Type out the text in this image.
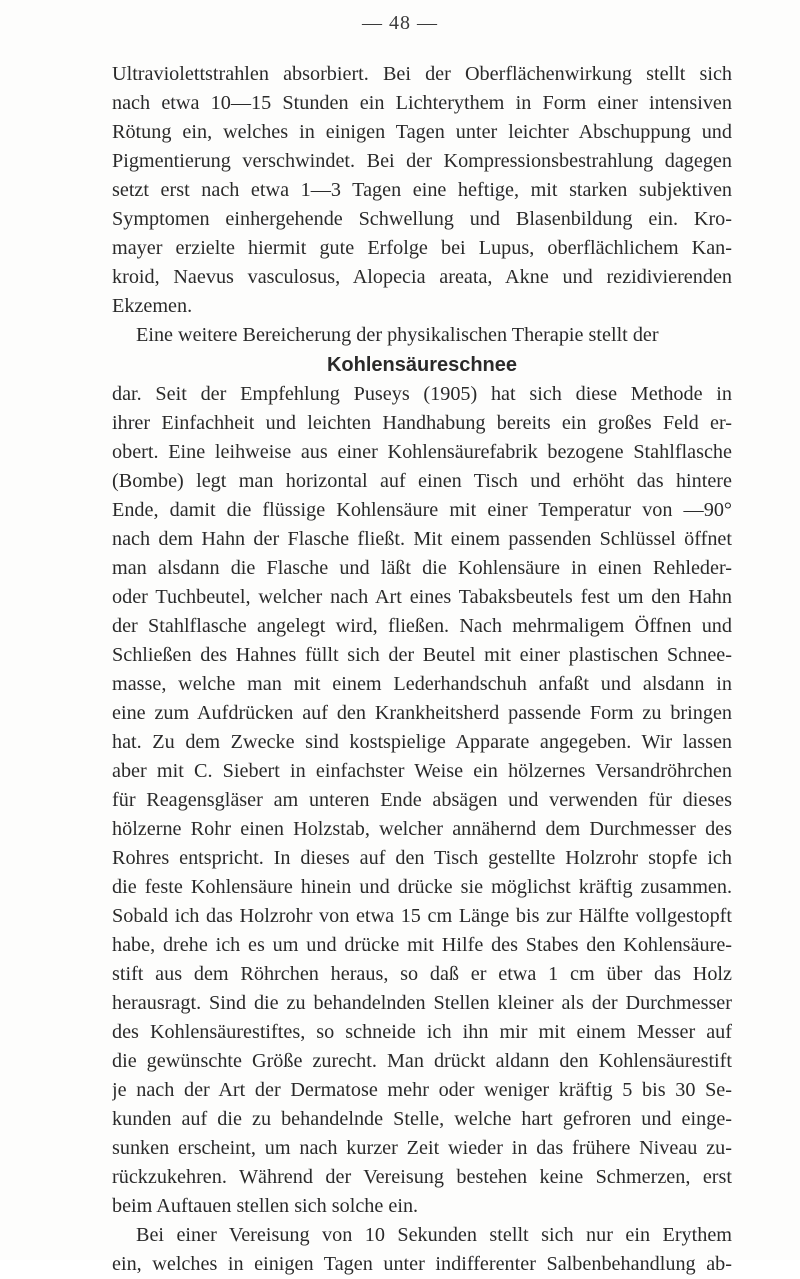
— 48 —

Ultraviolettstrahlen absorbiert. Bei der Oberflächenwirkung stellt sich
nach etwa 10—15 Stunden ein Lichterythem in Form einer intensiven
Rötung ein, welches in einigen Tagen unter leichter Abschuppung und
Pigmentierung verschwindet. Bei der Kompressionsbestrahlung dagegen
setzt erst nach etwa 1—3 Tagen eine heftige, mit starken subjektiven
Symptomen einhergehende Schwellung und Blasenbildung ein. Kro-
mayer erzielte hiermit gute Erfolge bei Lupus, oberflächlichem Kan-
kroid, Naevus vasculosus, Alopecia areata, Akne und rezidivierenden
Ekzemen.

Eine weitere Bereicherung der physikalischen Therapie stellt der

Kohlensäureschnee

dar. Seit der Empfehlung Puseys (1905) hat sich diese Methode in
ihrer Einfachheit und leichten Handhabung bereits ein großes Feld er-
obert. Eine leihweise aus einer Kohlensäurefabrik bezogene Stahlflasche
(Bombe) legt man horizontal auf einen Tisch und erhöht das hintere
Ende, damit die flüssige Kohlensäure mit einer Temperatur von —90°
nach dem Hahn der Flasche fließt. Mit einem passenden Schlüssel öffnet
man alsdann die Flasche und läßt die Kohlensäure in einen Rehleder-
oder Tuchbeutel, welcher nach Art eines Tabaksbeutels fest um den Hahn
der Stahlflasche angelegt wird, fließen. Nach mehrmaligem Öffnen und
Schließen des Hahnes füllt sich der Beutel mit einer plastischen Schnee-
masse, welche man mit einem Lederhandschuh anfaßt und alsdann in
eine zum Aufdrücken auf den Krankheitsherd passende Form zu bringen
hat. Zu dem Zwecke sind kostspielige Apparate angegeben. Wir lassen
aber mit C. Siebert in einfachster Weise ein hölzernes Versandröhrchen
für Reagensgläser am unteren Ende absägen und verwenden für dieses
hölzerne Rohr einen Holzstab, welcher annähernd dem Durchmesser des
Rohres entspricht. In dieses auf den Tisch gestellte Holzrohr stopfe ich
die feste Kohlensäure hinein und drücke sie möglichst kräftig zusammen.
Sobald ich das Holzrohr von etwa 15 cm Länge bis zur Hälfte vollgestopft
habe, drehe ich es um und drücke mit Hilfe des Stabes den Kohlensäure-
stift aus dem Röhrchen heraus, so daß er etwa 1 cm über das Holz
herausragt. Sind die zu behandelnden Stellen kleiner als der Durchmesser
des Kohlensäurestiftes, so schneide ich ihn mir mit einem Messer auf
die gewünschte Größe zurecht. Man drückt aldann den Kohlensäurestift
je nach der Art der Dermatose mehr oder weniger kräftig 5 bis 30 Se-
kunden auf die zu behandelnde Stelle, welche hart gefroren und einge-
sunken erscheint, um nach kurzer Zeit wieder in das frühere Niveau zu-
rückzukehren. Während der Vereisung bestehen keine Schmerzen, erst
beim Auftauen stellen sich solche ein.

Bei einer Vereisung von 10 Sekunden stellt sich nur ein Erythem
ein, welches in einigen Tagen unter indifferenter Salbenbehandlung ab-
